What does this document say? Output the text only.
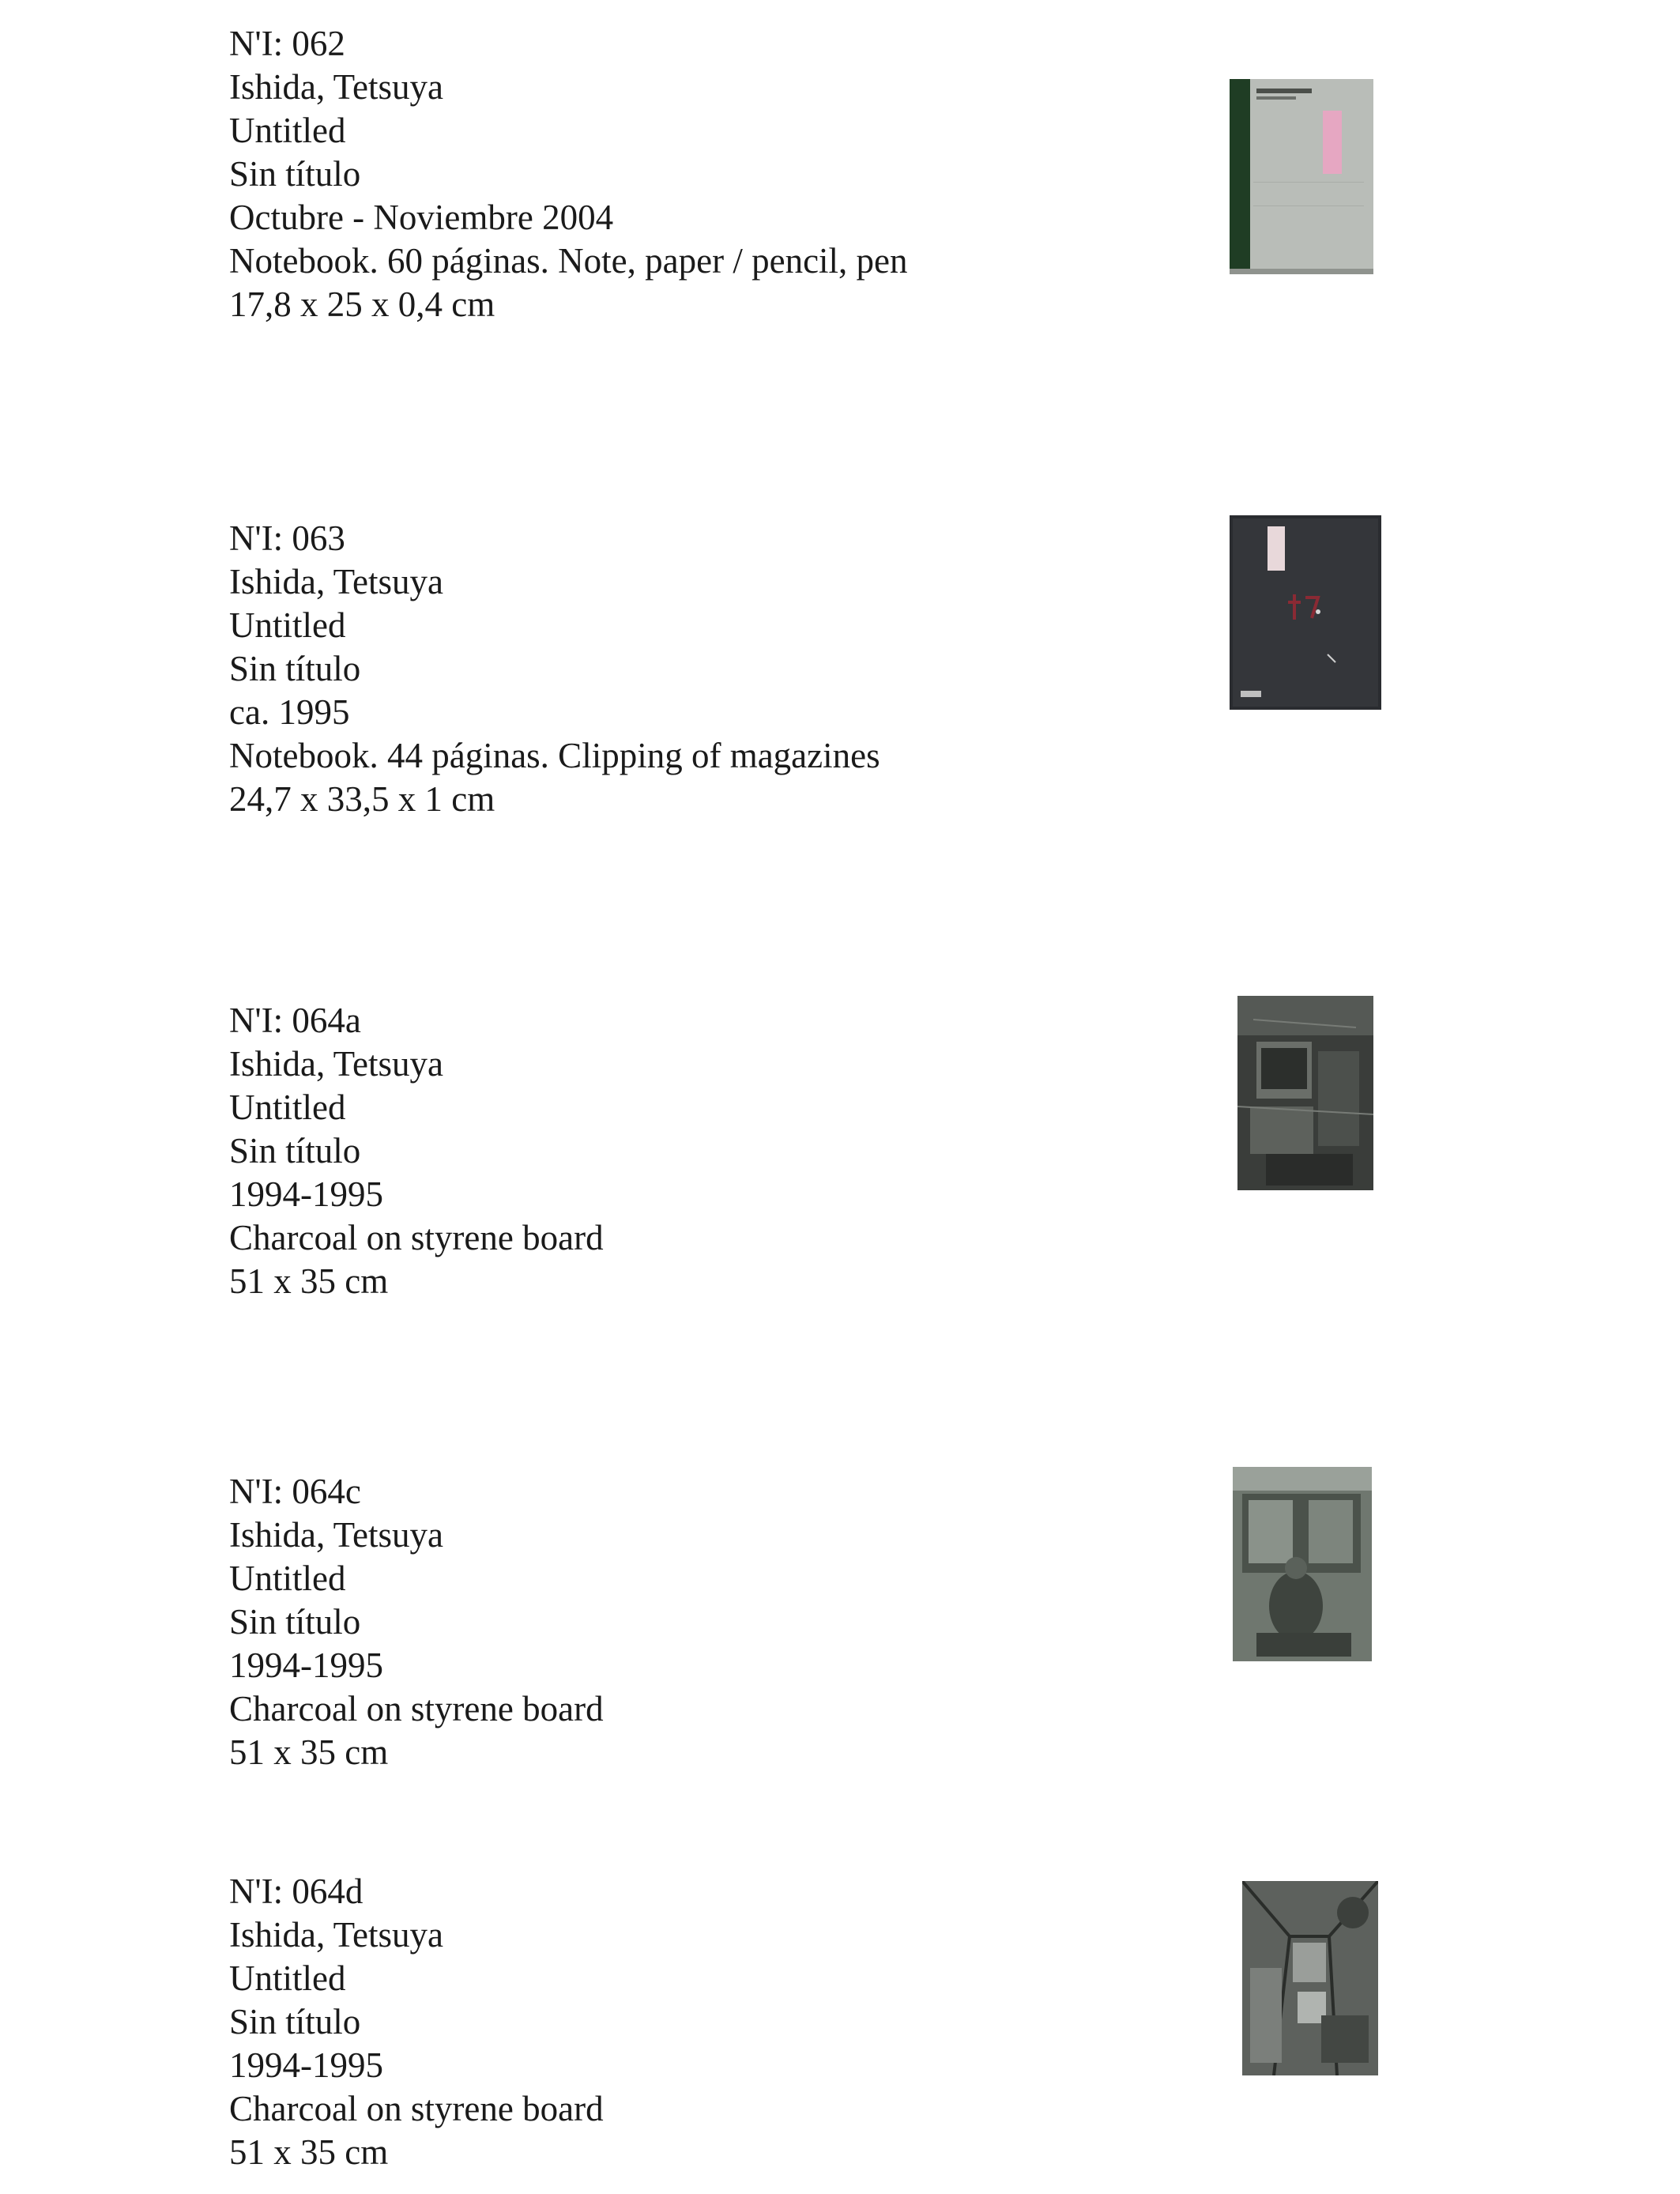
N'I: 062
Ishida, Tetsuya
Untitled
Sin título
Octubre - Noviembre 2004
Notebook. 60 páginas. Note, paper / pencil, pen
17,8 x 25 x 0,4 cm
N'I: 063
Ishida, Tetsuya
Untitled
Sin título
ca. 1995
Notebook. 44 páginas. Clipping of magazines
24,7 x 33,5 x 1 cm
N'I: 064a
Ishida, Tetsuya
Untitled
Sin título
1994-1995
Charcoal on styrene board
51 x 35 cm
N'I: 064c
Ishida, Tetsuya
Untitled
Sin título
1994-1995
Charcoal on styrene board
51 x 35 cm
N'I: 064d
Ishida, Tetsuya
Untitled
Sin título
1994-1995
Charcoal on styrene board
51 x 35 cm
